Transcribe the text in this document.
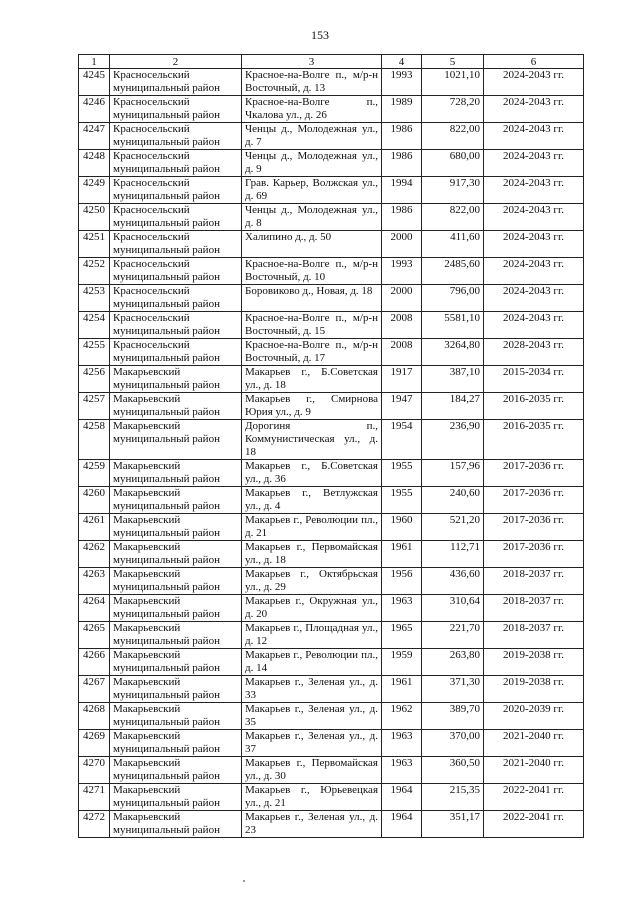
153
1	2	3	4	5	6
4245	Красносельский муниципальный район	Красное-на-Волге п., м/р-н Восточный, д. 13	1993	1021,10	2024-2043 гг.
4246	Красносельский муниципальный район	Красное-на-Волге п., Чкалова ул., д. 26	1989	728,20	2024-2043 гг.
4247	Красносельский муниципальный район	Ченцы д., Молодежная ул., д. 7	1986	822,00	2024-2043 гг.
4248	Красносельский муниципальный район	Ченцы д., Молодежная ул., д. 9	1986	680,00	2024-2043 гг.
4249	Красносельский муниципальный район	Грав. Карьер, Волжская ул., д. 69	1994	917,30	2024-2043 гг.
4250	Красносельский муниципальный район	Ченцы д., Молодежная ул., д. 8	1986	822,00	2024-2043 гг.
4251	Красносельский муниципальный район	Халипино д., д. 50	2000	411,60	2024-2043 гг.
4252	Красносельский муниципальный район	Красное-на-Волге п., м/р-н Восточный, д. 10	1993	2485,60	2024-2043 гг.
4253	Красносельский муниципальный район	Боровиково д., Новая, д. 18	2000	796,00	2024-2043 гг.
4254	Красносельский муниципальный район	Красное-на-Волге п., м/р-н Восточный, д. 15	2008	5581,10	2024-2043 гг.
4255	Красносельский муниципальный район	Красное-на-Волге п., м/р-н Восточный, д. 17	2008	3264,80	2028-2043 гг.
4256	Макарьевский муниципальный район	Макарьев г., Б.Советская ул., д. 18	1917	387,10	2015-2034 гг.
4257	Макарьевский муниципальный район	Макарьев г., Смирнова Юрия ул., д. 9	1947	184,27	2016-2035 гг.
4258	Макарьевский муниципальный район	Дорогиня п., Коммунистическая ул., д. 18	1954	236,90	2016-2035 гг.
4259	Макарьевский муниципальный район	Макарьев г., Б.Советская ул., д. 36	1955	157,96	2017-2036 гг.
4260	Макарьевский муниципальный район	Макарьев г., Ветлужская ул., д. 4	1955	240,60	2017-2036 гг.
4261	Макарьевский муниципальный район	Макарьев г., Революции пл., д. 21	1960	521,20	2017-2036 гг.
4262	Макарьевский муниципальный район	Макарьев г., Первомайская ул., д. 18	1961	112,71	2017-2036 гг.
4263	Макарьевский муниципальный район	Макарьев г., Октябрьская ул., д. 29	1956	436,60	2018-2037 гг.
4264	Макарьевский муниципальный район	Макарьев г., Окружная ул., д. 20	1963	310,64	2018-2037 гг.
4265	Макарьевский муниципальный район	Макарьев г., Площадная ул., д. 12	1965	221,70	2018-2037 гг.
4266	Макарьевский муниципальный район	Макарьев г., Революции пл., д. 14	1959	263,80	2019-2038 гг.
4267	Макарьевский муниципальный район	Макарьев г., Зеленая ул., д. 33	1961	371,30	2019-2038 гг.
4268	Макарьевский муниципальный район	Макарьев г., Зеленая ул., д. 35	1962	389,70	2020-2039 гг.
4269	Макарьевский муниципальный район	Макарьев г., Зеленая ул., д. 37	1963	370,00	2021-2040 гг.
4270	Макарьевский муниципальный район	Макарьев г., Первомайская ул., д. 30	1963	360,50	2021-2040 гг.
4271	Макарьевский муниципальный район	Макарьев г., Юрьевецкая ул., д. 21	1964	215,35	2022-2041 гг.
4272	Макарьевский муниципальный район	Макарьев г., Зеленая ул., д. 23	1964	351,17	2022-2041 гг.
